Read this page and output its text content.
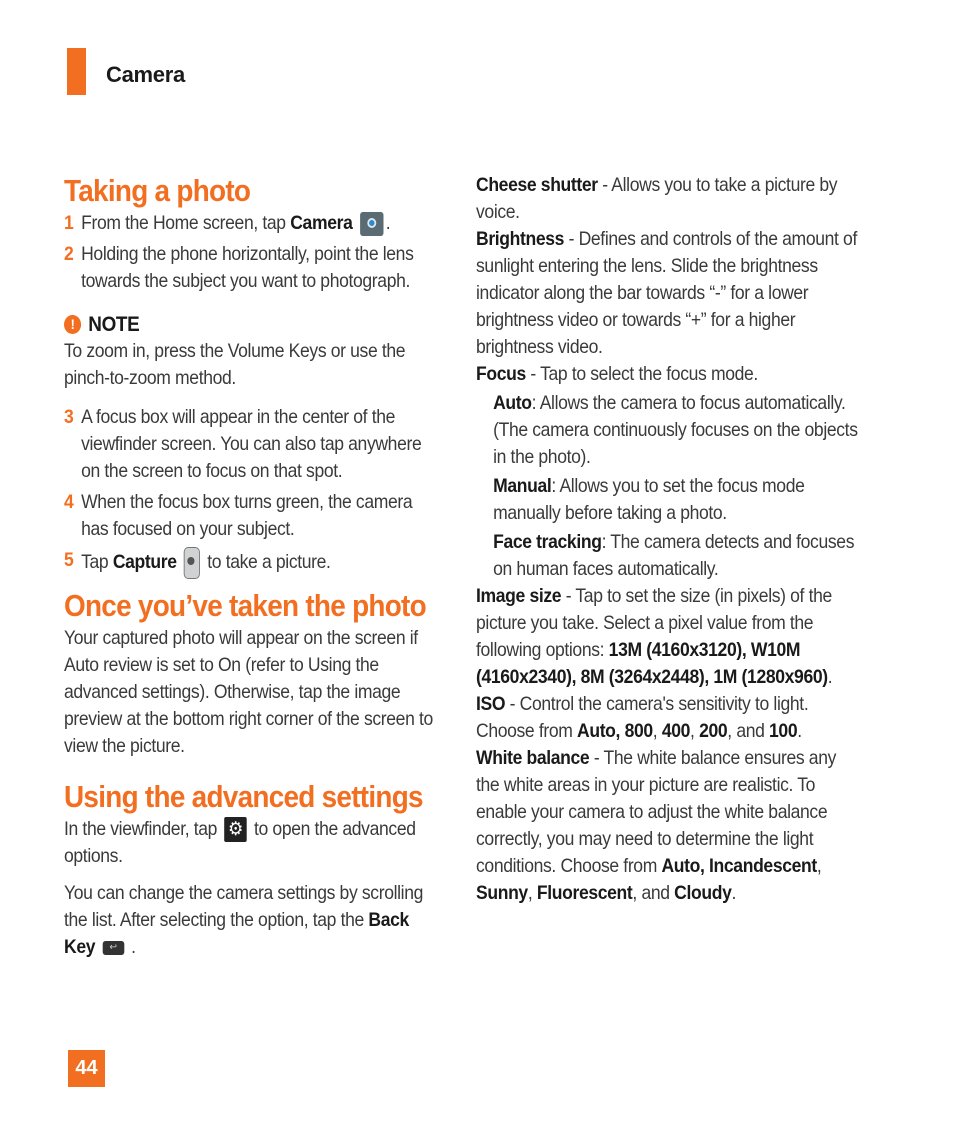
Camera
Taking a photo
1 From the Home screen, tap Camera .
2 Holding the phone horizontally, point the lens towards the subject you want to photograph.
! NOTE

To zoom in, press the Volume Keys or use the pinch-to-zoom method.

3 A focus box will appear in the center of the viewfinder screen. You can also tap anywhere on the screen to focus on that spot.
4 When the focus box turns green, the camera has focused on your subject.
5 Tap Capture  to take a picture.
Once you’ve taken the photo

Your captured photo will appear on the screen if Auto review is set to On (refer to Using the advanced settings). Otherwise, tap the image preview at the bottom right corner of the screen to view the picture.

Using the advanced settings

In the viewfinder, tap ⚙ to open the advanced options.

You can change the camera settings by scrolling the list. After selecting the option, tap the Back Key ↩ .

Cheese shutter - Allows you to take a picture by voice.

Brightness - Defines and controls of the amount of sunlight entering the lens. Slide the brightness indicator along the bar towards “-” for a lower brightness video or towards “+” for a higher brightness video.

Focus - Tap to select the focus mode.

Auto: Allows the camera to focus automatically. (The camera continuously focuses on the objects in the photo).

Manual: Allows you to set the focus mode manually before taking a photo.

Face tracking: The camera detects and focuses on human faces automatically.

Image size - Tap to set the size (in pixels) of the picture you take. Select a pixel value from the following options: 13M (4160x3120), W10M (4160x2340), 8M (3264x2448), 1M (1280x960).

ISO - Control the camera's sensitivity to light. Choose from Auto, 800, 400, 200, and 100.

White balance - The white balance ensures any the white areas in your picture are realistic. To enable your camera to adjust the white balance correctly, you may need to determine the light conditions. Choose from Auto, Incandescent, Sunny, Fluorescent, and Cloudy.

44
